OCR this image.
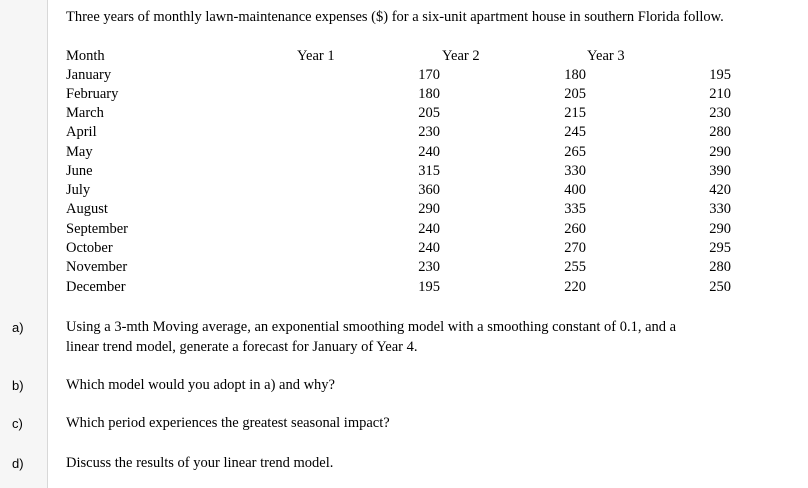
Three years of monthly lawn-maintenance expenses ($) for a six-unit apartment house in southern Florida follow.
Month	Year 1	Year 2	Year 3
January	170	180	195
February	180	205	210
March	205	215	230
April	230	245	280
May	240	265	290
June	315	330	390
July	360	400	420
August	290	335	330
September	240	260	290
October	240	270	295
November	230	255	280
December	195	220	250
a)	Using a 3-mth Moving average, an exponential smoothing model with a smoothing constant of 0.1, and a
linear trend model, generate a forecast for January of Year 4.
b)	Which model would you adopt in a) and why?
c)	Which period experiences the greatest seasonal impact?
d)	Discuss the results of your linear trend model.
